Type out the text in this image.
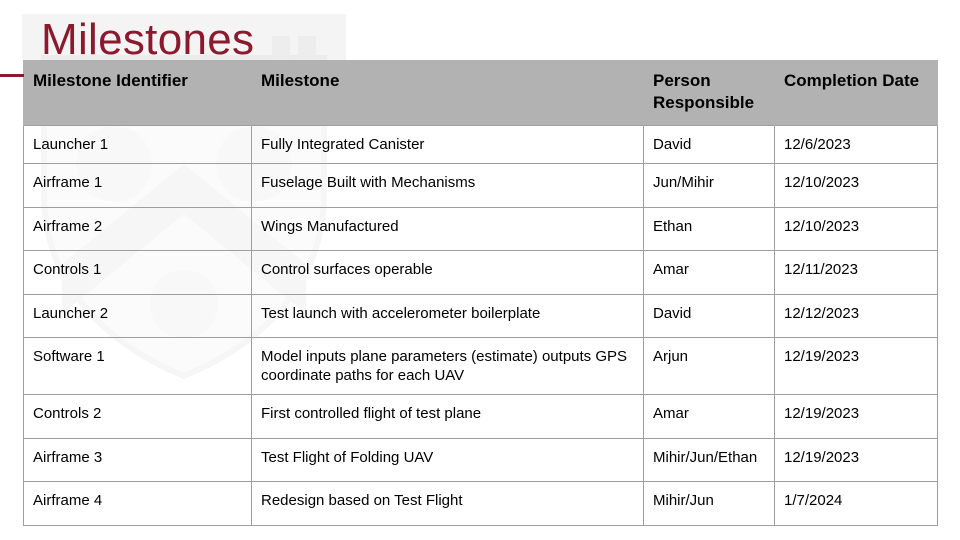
Milestones
Milestone Identifier	Milestone	Person Responsible	Completion Date
Launcher 1	Fully Integrated Canister	David	12/6/2023
Airframe 1	Fuselage Built with Mechanisms	Jun/Mihir	12/10/2023
Airframe 2	Wings Manufactured	Ethan	12/10/2023
Controls 1	Control surfaces operable	Amar	12/11/2023
Launcher 2	Test launch with accelerometer boilerplate	David	12/12/2023
Software 1	Model inputs plane parameters (estimate) outputs GPS coordinate paths for each UAV	Arjun	12/19/2023
Controls 2	First controlled flight of test plane	Amar	12/19/2023
Airframe 3	Test Flight of Folding UAV	Mihir/Jun/Ethan	12/19/2023
Airframe 4	Redesign based on Test Flight	Mihir/Jun	1/7/2024
